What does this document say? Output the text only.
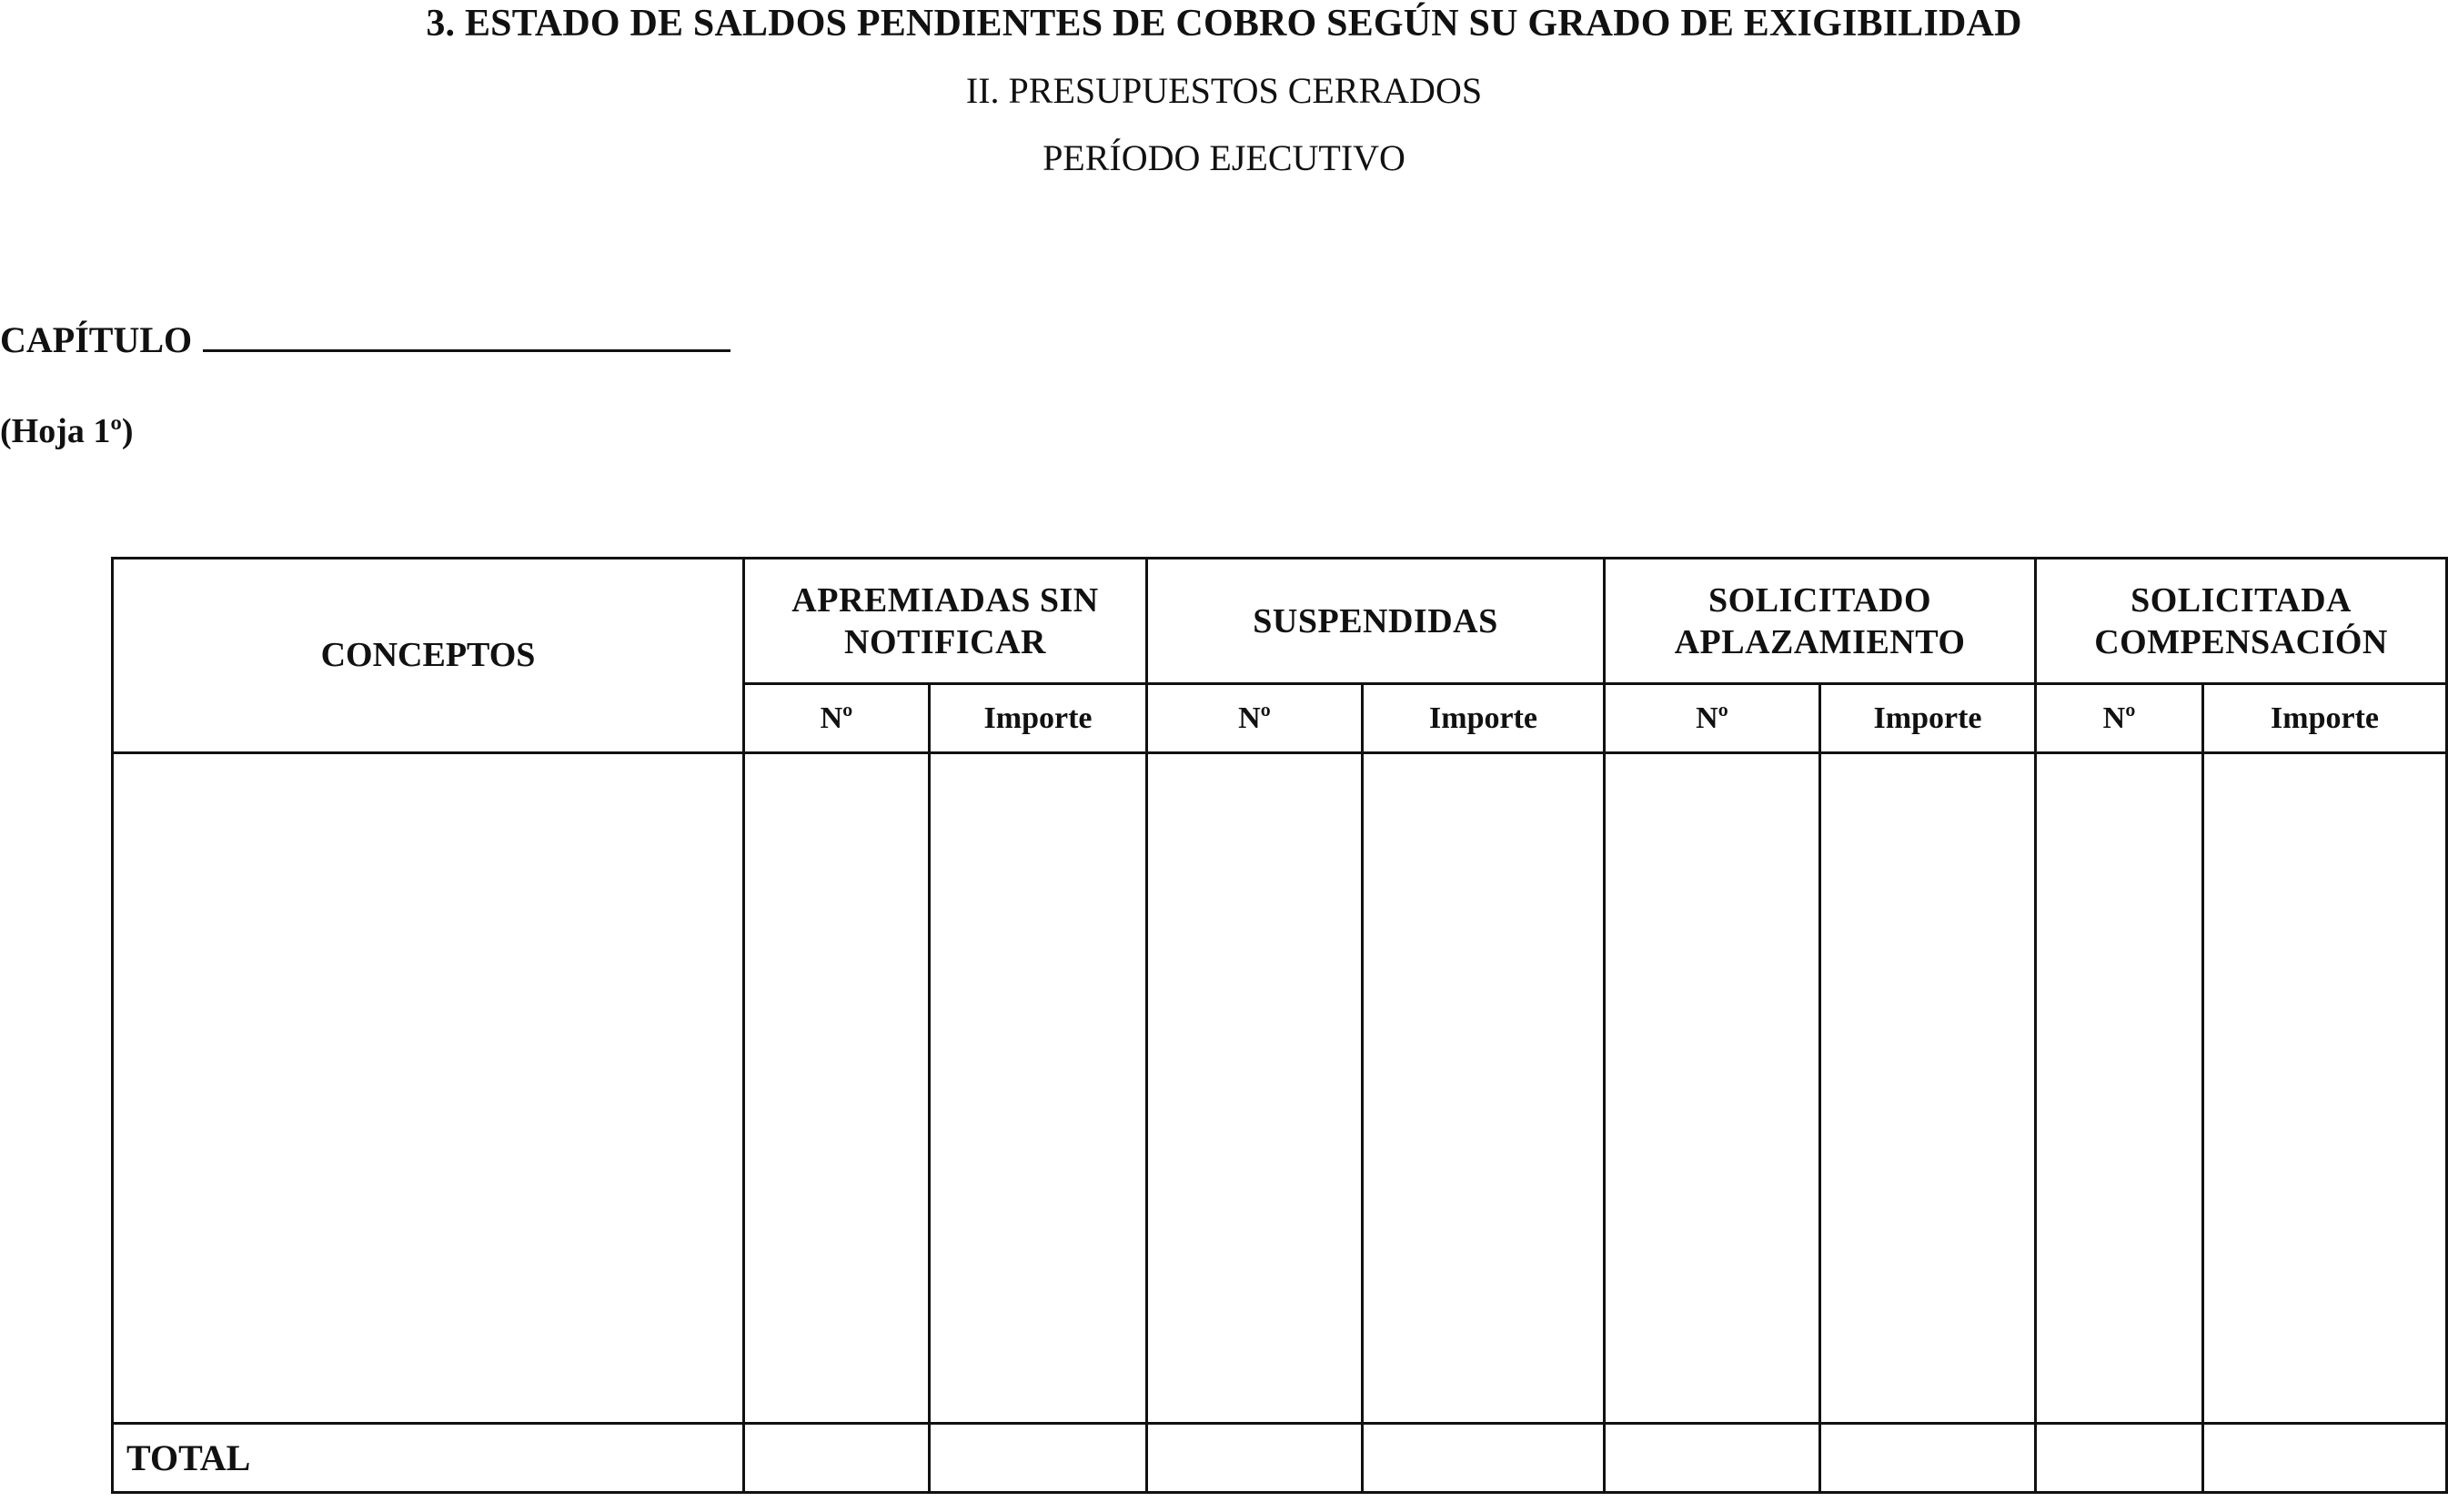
3. ESTADO DE SALDOS PENDIENTES DE COBRO SEGÚN SU GRADO DE EXIGIBILIDAD
II. PRESUPUESTOS CERRADOS
PERÍODO EJECUTIVO
CAPÍTULO
(Hoja 1º)
CONCEPTOS	APREMIADAS SIN NOTIFICAR		SUSPENDIDAS		SOLICITADO APLAZAMIENTO		SOLICITADA COMPENSACIÓN	
	Nº	Importe	Nº	Importe	Nº	Importe	Nº	Importe

TOTAL								
